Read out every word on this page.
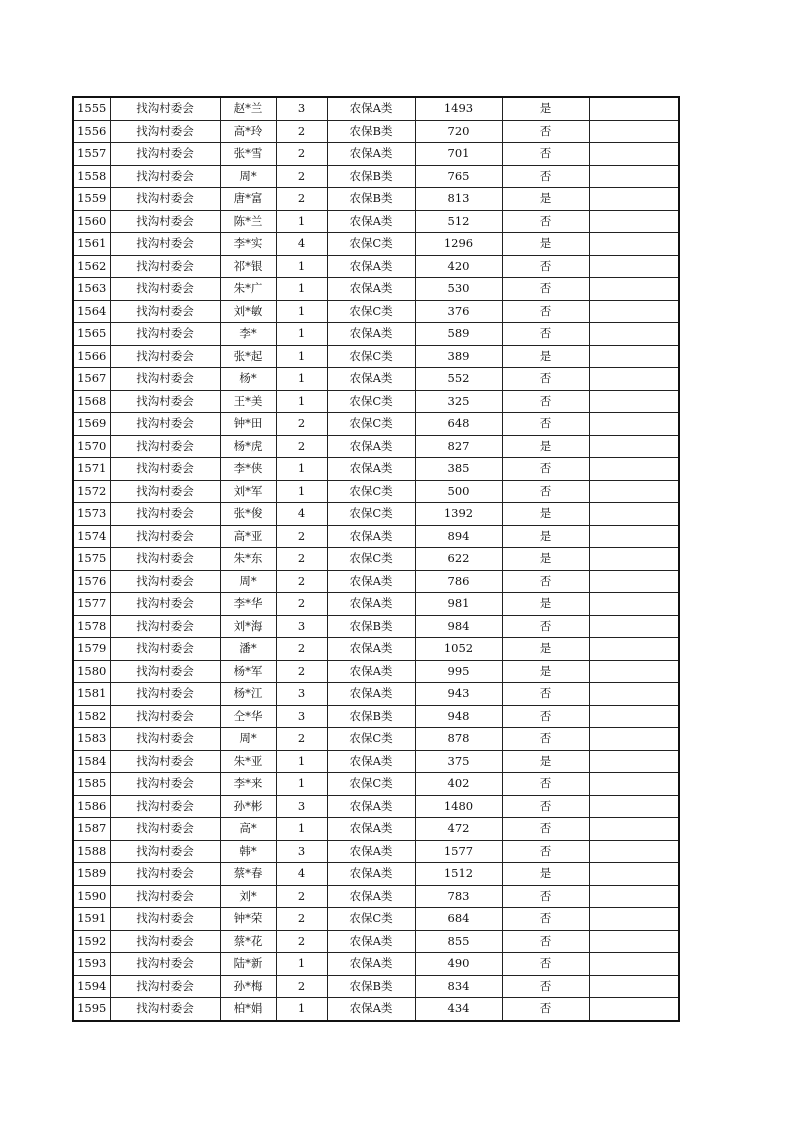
1555	找沟村委会	赵*兰	3	农保A类	1493	是	
1556	找沟村委会	高*玲	2	农保B类	720	否	
1557	找沟村委会	张*雪	2	农保A类	701	否	
1558	找沟村委会	周*	2	农保B类	765	否	
1559	找沟村委会	唐*富	2	农保B类	813	是	
1560	找沟村委会	陈*兰	1	农保A类	512	否	
1561	找沟村委会	李*实	4	农保C类	1296	是	
1562	找沟村委会	祁*银	1	农保A类	420	否	
1563	找沟村委会	朱*广	1	农保A类	530	否	
1564	找沟村委会	刘*敏	1	农保C类	376	否	
1565	找沟村委会	李*	1	农保A类	589	否	
1566	找沟村委会	张*起	1	农保C类	389	是	
1567	找沟村委会	杨*	1	农保A类	552	否	
1568	找沟村委会	王*美	1	农保C类	325	否	
1569	找沟村委会	钟*田	2	农保C类	648	否	
1570	找沟村委会	杨*虎	2	农保A类	827	是	
1571	找沟村委会	李*侠	1	农保A类	385	否	
1572	找沟村委会	刘*军	1	农保C类	500	否	
1573	找沟村委会	张*俊	4	农保C类	1392	是	
1574	找沟村委会	高*亚	2	农保A类	894	是	
1575	找沟村委会	朱*东	2	农保C类	622	是	
1576	找沟村委会	周*	2	农保A类	786	否	
1577	找沟村委会	李*华	2	农保A类	981	是	
1578	找沟村委会	刘*海	3	农保B类	984	否	
1579	找沟村委会	潘*	2	农保A类	1052	是	
1580	找沟村委会	杨*军	2	农保A类	995	是	
1581	找沟村委会	杨*江	3	农保A类	943	否	
1582	找沟村委会	仝*华	3	农保B类	948	否	
1583	找沟村委会	周*	2	农保C类	878	否	
1584	找沟村委会	朱*亚	1	农保A类	375	是	
1585	找沟村委会	李*来	1	农保C类	402	否	
1586	找沟村委会	孙*彬	3	农保A类	1480	否	
1587	找沟村委会	高*	1	农保A类	472	否	
1588	找沟村委会	韩*	3	农保A类	1577	否	
1589	找沟村委会	蔡*春	4	农保A类	1512	是	
1590	找沟村委会	刘*	2	农保A类	783	否	
1591	找沟村委会	钟*荣	2	农保C类	684	否	
1592	找沟村委会	蔡*花	2	农保A类	855	否	
1593	找沟村委会	陆*新	1	农保A类	490	否	
1594	找沟村委会	孙*梅	2	农保B类	834	否	
1595	找沟村委会	柏*娟	1	农保A类	434	否	
